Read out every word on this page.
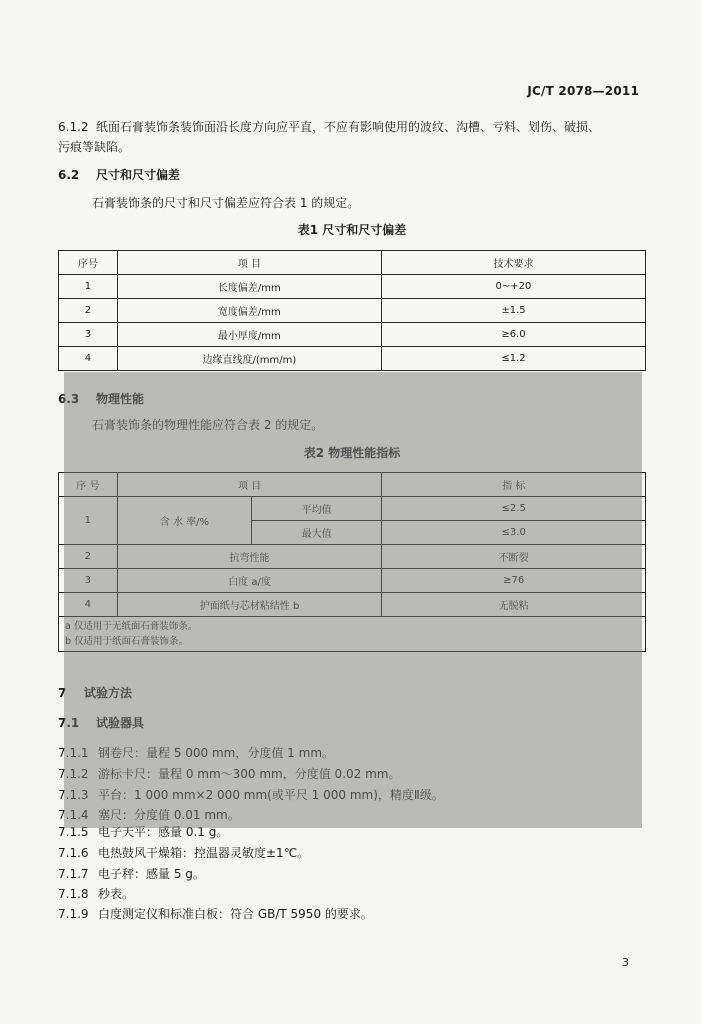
JC/T 2078—2011
6.1.2 纸面石膏装饰条装饰面沿长度方向应平直，不应有影响使用的波纹、沟槽、亏料、划伤、破损、
污痕等缺陷。
6.2 尺寸和尺寸偏差
石膏装饰条的尺寸和尺寸偏差应符合表 1 的规定。
表1 尺寸和尺寸偏差
序号	项 目	技术要求
1	长度偏差/mm	0~+20
2	宽度偏差/mm	±1.5
3	最小厚度/mm	≥6.0
4	边缘直线度/(mm/m)	≤1.2
6.3 物理性能
石膏装饰条的物理性能应符合表 2 的规定。
表2 物理性能指标
序 号	项 目		指 标
1	含 水 率/%	平均值	≤2.5
		最大值	≤3.0
2	抗弯性能		不断裂
3	白度 a/度		≥76
4	护面纸与芯材粘结性 b		无脱粘

a 仅适用于无纸面石膏装饰条。
b 仅适用于纸面石膏装饰条。			
7 试验方法
7.1 试验器具
7.1.1 钢卷尺：量程 5 000 mm，分度值 1 mm。
7.1.2 游标卡尺：量程 0 mm～300 mm，分度值 0.02 mm。
7.1.3 平台：1 000 mm×2 000 mm(或平尺 1 000 mm)，精度Ⅱ级。
7.1.4 塞尺：分度值 0.01 mm。
7.1.5 电子天平：感量 0.1 g。
7.1.6 电热鼓风干燥箱：控温器灵敏度±1℃。
7.1.7 电子秤：感量 5 g。
7.1.8 秒表。
7.1.9 白度测定仪和标准白板：符合 GB/T 5950 的要求。
3
